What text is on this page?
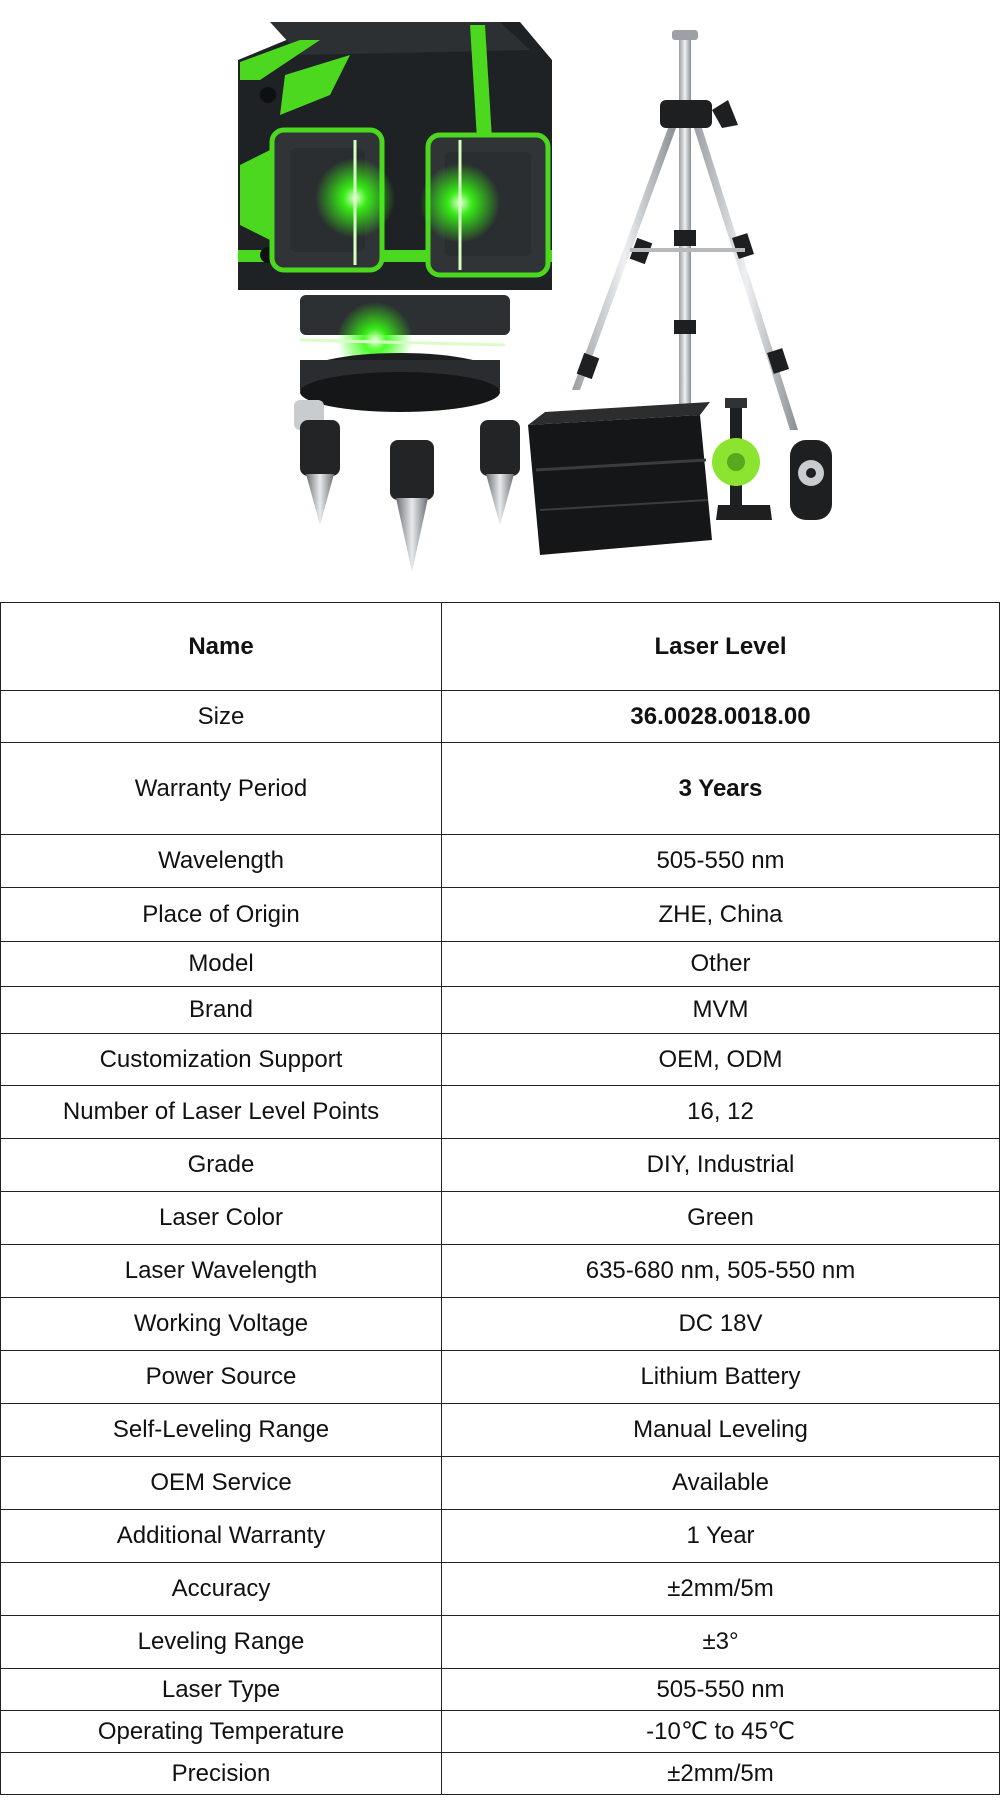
Name	Laser Level
Size	36.0028.0018.00
Warranty Period	3 Years
Wavelength	505-550 nm
Place of Origin	ZHE, China
Model	Other
Brand	MVM
Customization Support	OEM, ODM
Number of Laser Level Points	16, 12
Grade	DIY, Industrial
Laser Color	Green
Laser Wavelength	635-680 nm, 505-550 nm
Working Voltage	DC 18V
Power Source	Lithium Battery
Self-Leveling Range	Manual Leveling
OEM Service	Available
Additional Warranty	1 Year
Accuracy	±2mm/5m
Leveling Range	±3°
Laser Type	505-550 nm
Operating Temperature	-10℃ to 45℃
Precision	±2mm/5m
